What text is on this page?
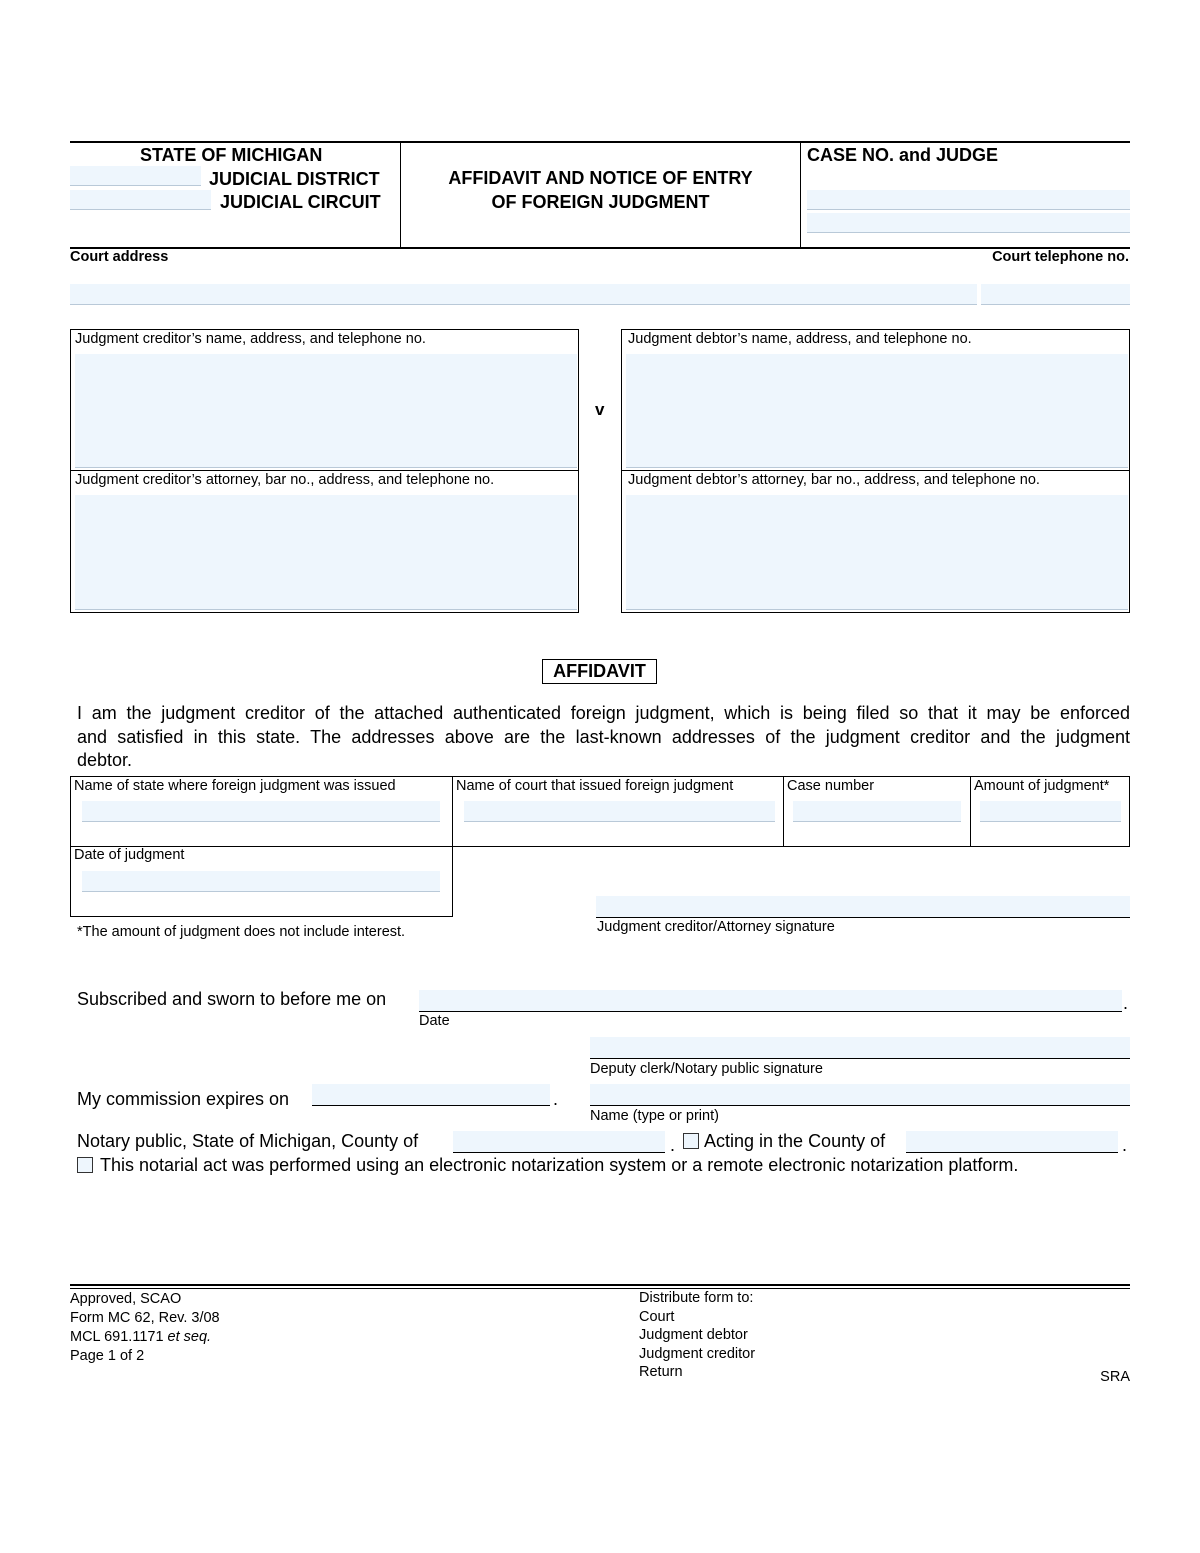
STATE OF MICHIGAN
JUDICIAL DISTRICT
JUDICIAL CIRCUIT
AFFIDAVIT AND NOTICE OF ENTRY
OF FOREIGN JUDGMENT
CASE NO. and JUDGE
Court address	Court telephone no.
Judgment creditor’s name, address, and telephone no.
Judgment creditor’s attorney, bar no., address, and telephone no.
v
Judgment debtor’s name, address, and telephone no.
Judgment debtor’s attorney, bar no., address, and telephone no.
AFFIDAVIT
I am the judgment creditor of the attached authenticated foreign judgment, which is being filed so that it may be enforced
and satisfied in this state. The addresses above are the last-known addresses of the judgment creditor and the judgment
debtor.
Name of state where foreign judgment was issued	Name of court that issued foreign judgment	Case number	Amount of judgment*
Date of judgment
*The amount of judgment does not include interest.	Judgment creditor/Attorney signature
Subscribed and sworn to before me on	.
Date
Deputy clerk/Notary public signature
My commission expires on	.
Name (type or print)
Notary public, State of Michigan, County of	. Acting in the County of	.
This notarial act was performed using an electronic notarization system or a remote electronic notarization platform.
Approved, SCAO
Form MC 62, Rev. 3/08
MCL 691.1171 et seq.
Page 1 of 2
Distribute form to:
Court
Judgment debtor
Judgment creditor
Return	SRA
